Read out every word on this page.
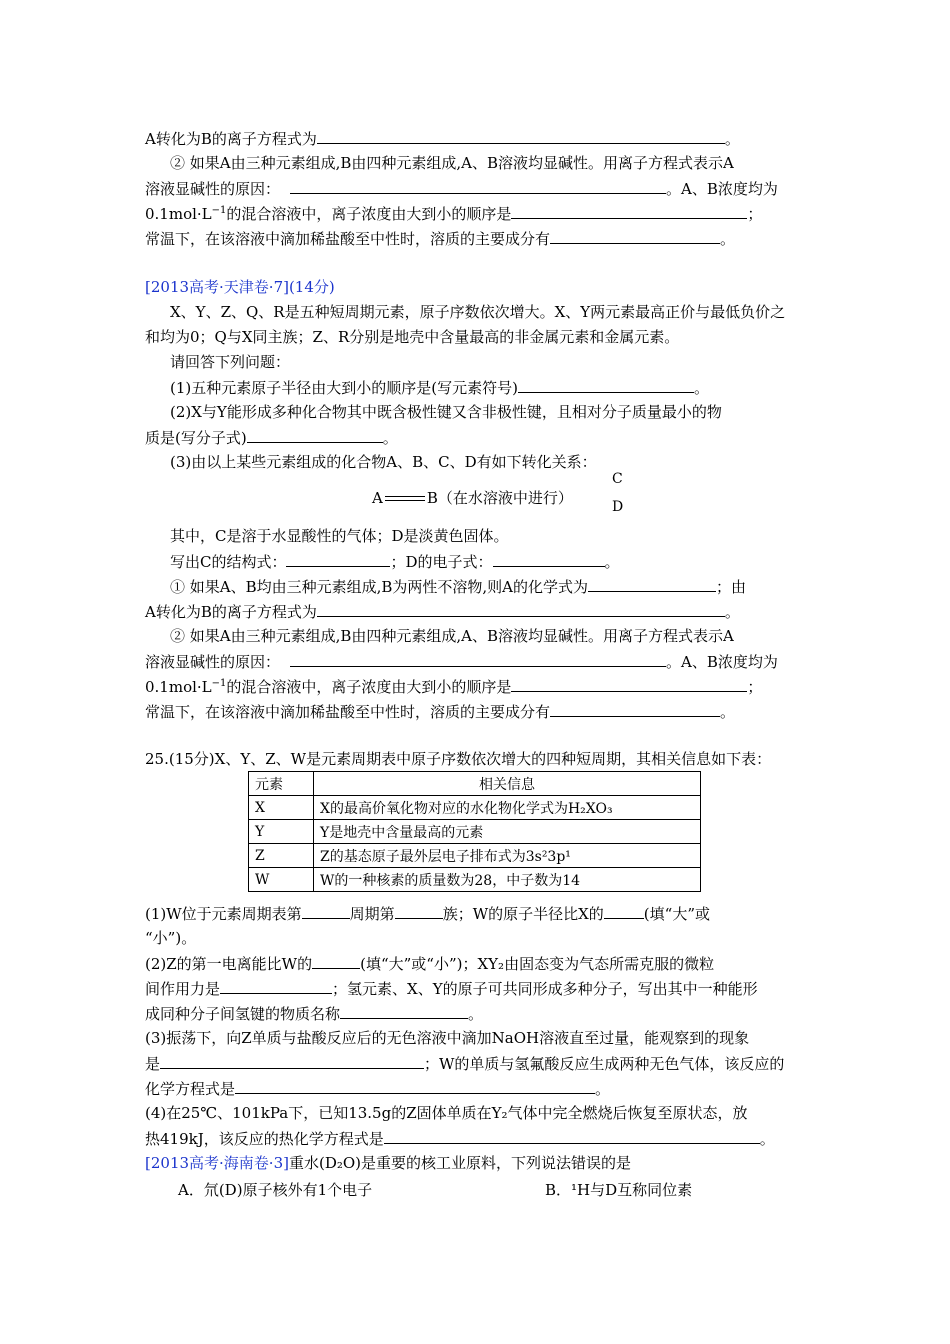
A转化为B的离子方程式为	。
② 如果A由三种元素组成,B由四种元素组成,A、B溶液均显碱性。用离子方程式表示A
溶液显碱性的原因：	。A、B浓度均为
$0.1mol\cdot L^{-1}$的混合溶液中，离子浓度由大到小的顺序是	；
常温下，在该溶液中滴加稀盐酸至中性时，溶质的主要成分有	。
[2013高考·天津卷·7](14分)
X、Y、Z、Q、R是五种短周期元素，原子序数依次增大。X、Y两元素最高正价与最低负价之
和均为0；Q与X同主族；Z、R分别是地壳中含量最高的非金属元素和金属元素。
请回答下列问题：
(1)五种元素原子半径由大到小的顺序是(写元素符号)	。
(2)X与Y能形成多种化合物其中既含极性键又含非极性键，且相对分子质量最小的物
质是(写分子式)	。
(3)由以上某些元素组成的化合物A、B、C、D有如下转化关系：
C
A	B（在水溶液中进行）	D
其中，C是溶于水显酸性的气体；D是淡黄色固体。
写出C的结构式：	；D的电子式：	。
① 如果A、B均由三种元素组成,B为两性不溶物,则A的化学式为	；由
A转化为B的离子方程式为	。
② 如果A由三种元素组成,B由四种元素组成,A、B溶液均显碱性。用离子方程式表示A
溶液显碱性的原因：	。A、B浓度均为
$0.1mol\cdot L^{-1}$的混合溶液中，离子浓度由大到小的顺序是	；
常温下，在该溶液中滴加稀盐酸至中性时，溶质的主要成分有	。
25.(15分)X、Y、Z、W是元素周期表中原子序数依次增大的四种短周期，其相关信息如下表：
元素	相关信息
X	X的最高价氧化物对应的水化物化学式为H₂XO₃
Y	Y是地壳中含量最高的元素
Z	Z的基态原子最外层电子排布式为3s²3p¹
W	W的一种核素的质量数为28，中子数为14
(1)W位于元素周期表第	周期第	族；W的原子半径比X的	(填“大”或
“小”)。
(2)Z的第一电离能比W的	(填“大”或“小”)；XY₂由固态变为气态所需克服的微粒
间作用力是	；氢元素、X、Y的原子可共同形成多种分子，写出其中一种能形
成同种分子间氢键的物质名称	。
(3)振荡下，向Z单质与盐酸反应后的无色溶液中滴加NaOH溶液直至过量，能观察到的现象
是	；W的单质与氢氟酸反应生成两种无色气体，该反应的
化学方程式是	。
(4)在25℃、101kPa下，已知13.5g的Z固体单质在Y₂气体中完全燃烧后恢复至原状态，放
热419kJ，该反应的热化学方程式是	。
[2013高考·海南卷·3]重水(D₂O)是重要的核工业原料，下列说法错误的是
A．氘(D)原子核外有1个电子	B．¹H与D互称同位素
